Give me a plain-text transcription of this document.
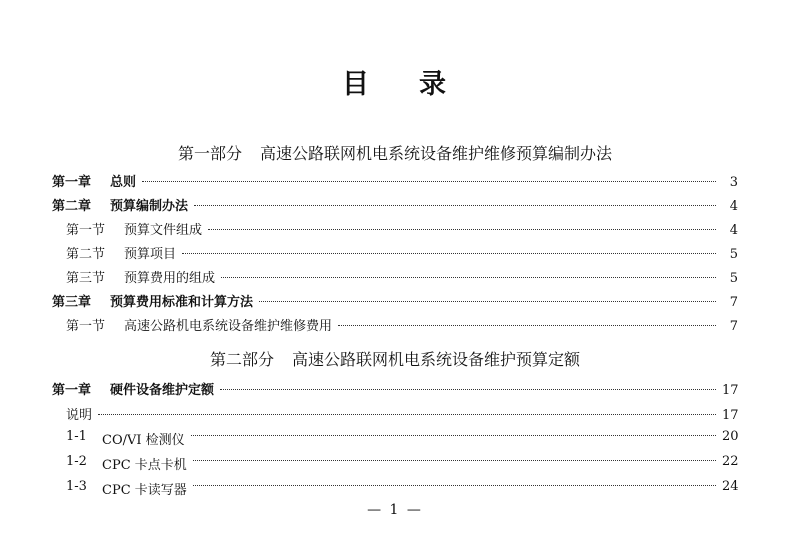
目 录
第一部分 高速公路联网机电系统设备维护维修预算编制办法
第一章	总则	3
第二章	预算编制办法	4
第一节	预算文件组成	4
第二节	预算项目	5
第三节	预算费用的组成	5
第三章	预算费用标准和计算方法	7
第一节	高速公路机电系统设备维护维修费用	7
第二部分 高速公路联网机电系统设备维护预算定额
第一章	硬件设备维护定额	17
说明	17
1-1	CO/VI 检测仪	20
1-2	CPC 卡点卡机	22
1-3	CPC 卡读写器	24
— 1 —
